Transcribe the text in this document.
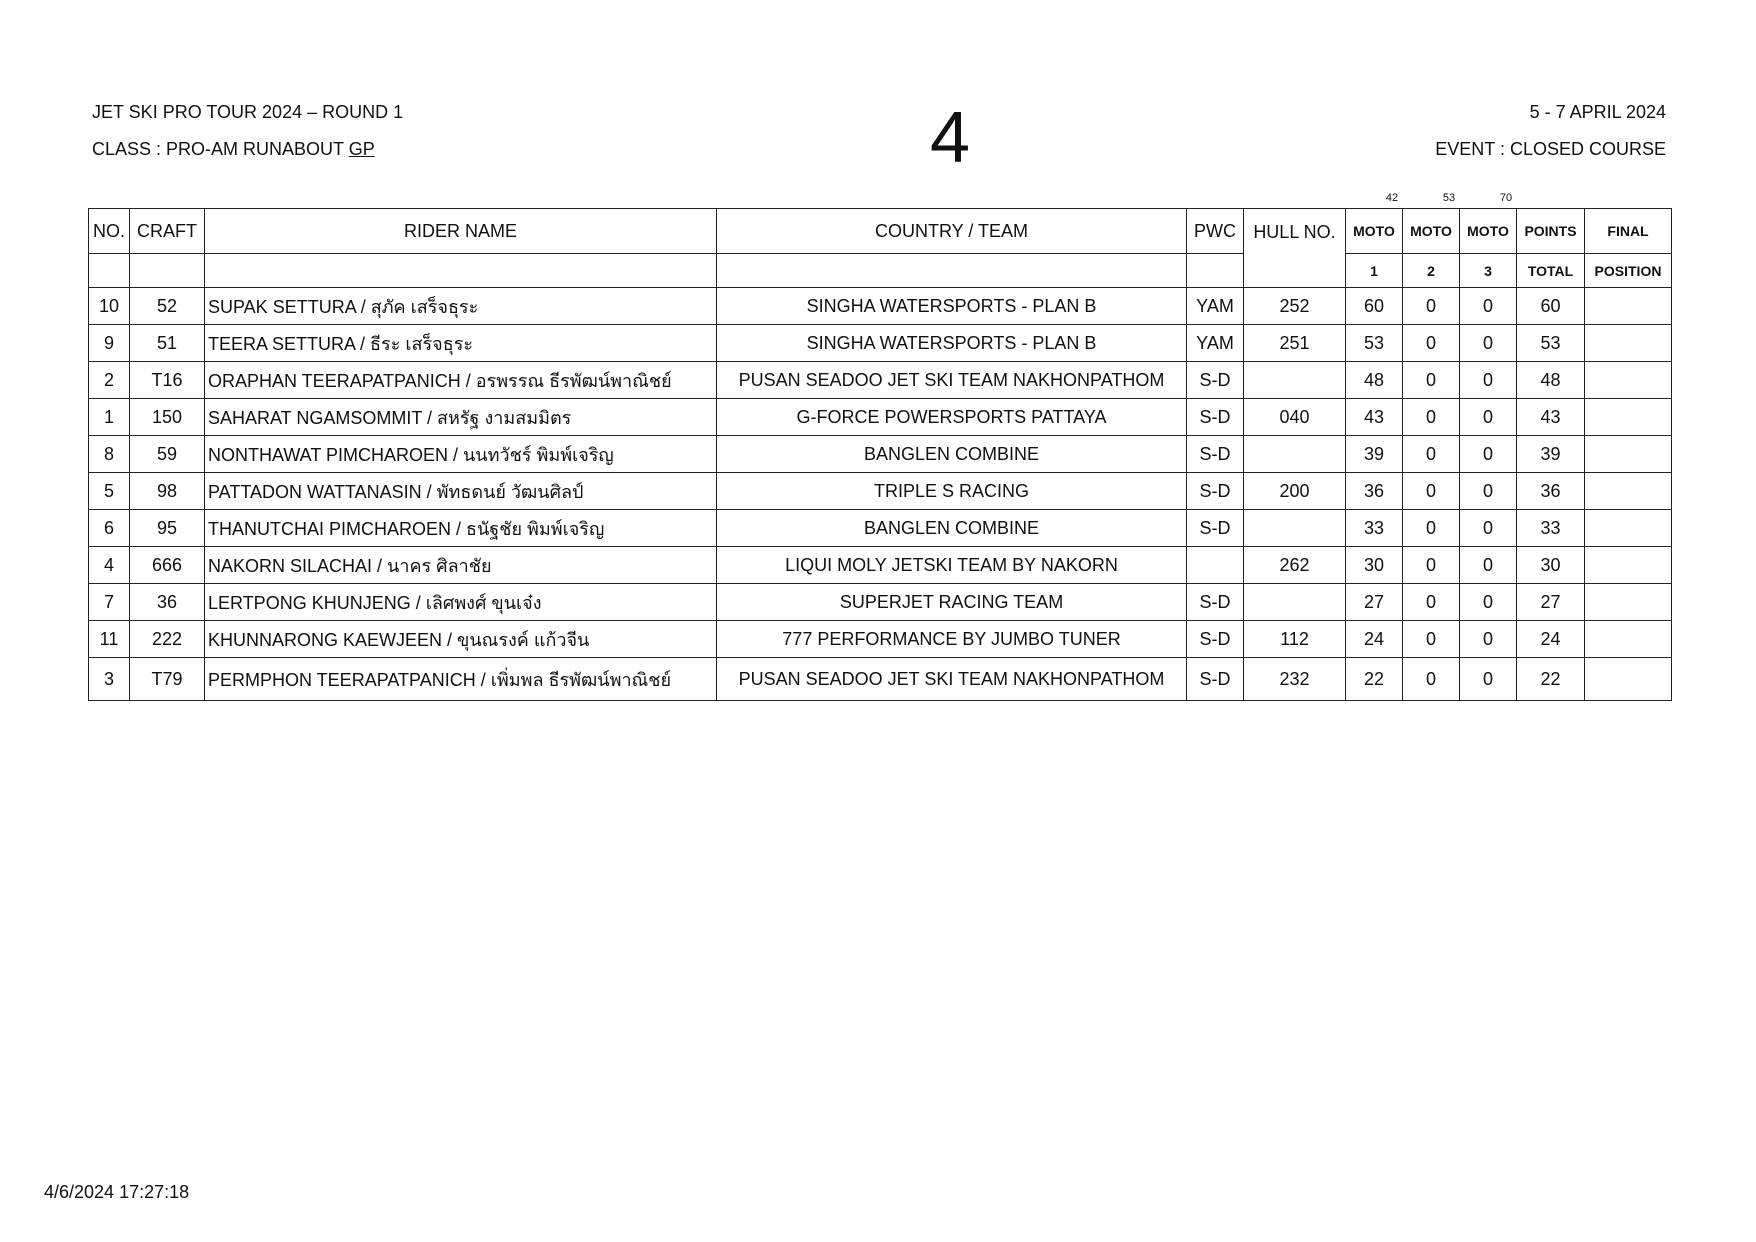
JET SKI PRO TOUR 2024 – ROUND 1
CLASS : PRO-AM RUNABOUT GP	4	5 - 7 APRIL 2024
EVENT : CLOSED COURSE
42	53	70
NO.	CRAFT	RIDER NAME	COUNTRY / TEAM	PWC	HULL NO.	MOTO	MOTO	MOTO	POINTS	FINAL
						1	2	3	TOTAL	POSITION
10	52	SUPAK SETTURA / สุภัค เสร็จธุระ	SINGHA WATERSPORTS - PLAN B	YAM	252	60	0	0	60	
9	51	TEERA SETTURA / ธีระ เสร็จธุระ	SINGHA WATERSPORTS - PLAN B	YAM	251	53	0	0	53	
2	T16	ORAPHAN TEERAPATPANICH / อรพรรณ ธีรพัฒน์พาณิชย์	PUSAN SEADOO JET SKI TEAM NAKHONPATHOM	S-D		48	0	0	48	
1	150	SAHARAT NGAMSOMMIT / สหรัฐ งามสมมิตร	G-FORCE POWERSPORTS PATTAYA	S-D	040	43	0	0	43	
8	59	NONTHAWAT PIMCHAROEN / นนทวัชร์ พิมพ์เจริญ	BANGLEN COMBINE	S-D		39	0	0	39	
5	98	PATTADON WATTANASIN / พัทธดนย์ วัฒนศิลป์	TRIPLE S RACING	S-D	200	36	0	0	36	
6	95	THANUTCHAI PIMCHAROEN / ธนัฐชัย พิมพ์เจริญ	BANGLEN COMBINE	S-D		33	0	0	33	
4	666	NAKORN SILACHAI / นาคร ศิลาชัย	LIQUI MOLY JETSKI TEAM BY NAKORN		262	30	0	0	30	
7	36	LERTPONG KHUNJENG / เลิศพงศ์ ขุนเจ๋ง	SUPERJET RACING TEAM	S-D		27	0	0	27	
11	222	KHUNNARONG KAEWJEEN / ขุนณรงค์ แก้วจีน	777 PERFORMANCE BY JUMBO TUNER	S-D	112	24	0	0	24	
3	T79	PERMPHON TEERAPATPANICH / เพิ่มพล ธีรพัฒน์พาณิชย์	PUSAN SEADOO JET SKI TEAM NAKHONPATHOM	S-D	232	22	0	0	22	
4/6/2024 17:27:18
